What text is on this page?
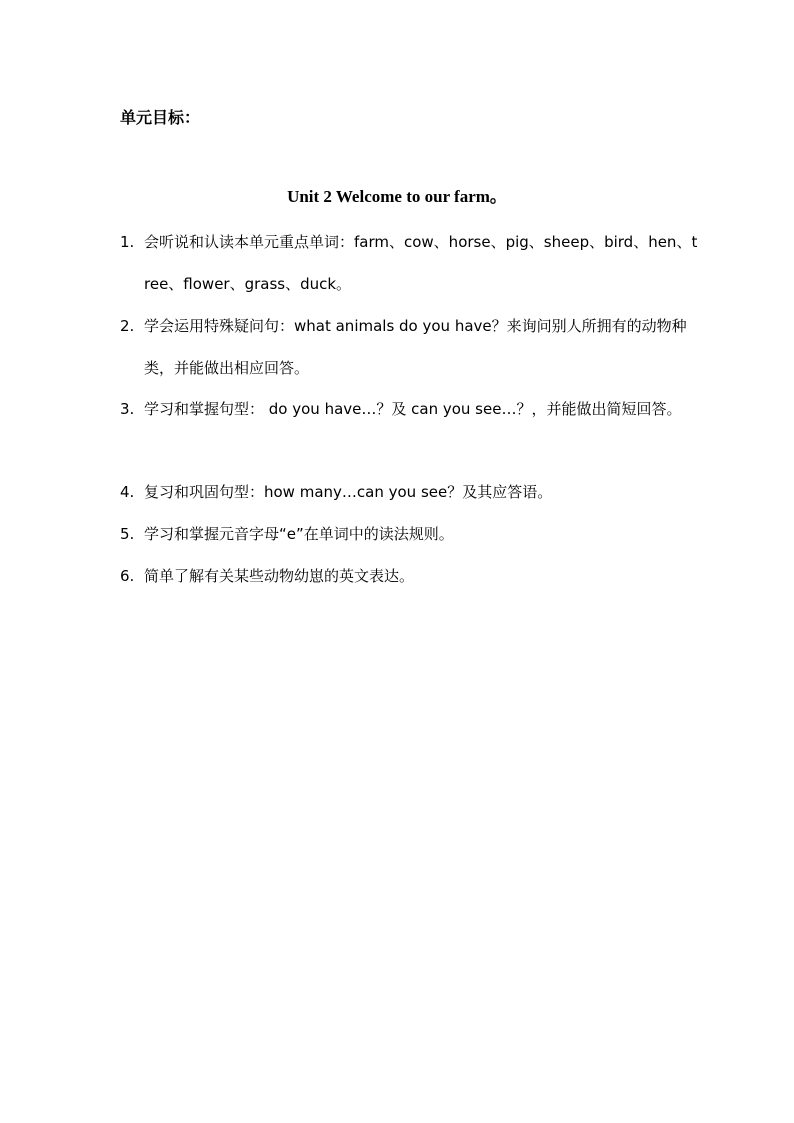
单元目标：
Unit 2 Welcome to our farm。
1. 会听说和认读本单元重点单词：farm、cow、horse、pig、sheep、bird、hen、tree、flower、grass、duck。
2. 学会运用特殊疑问句：what animals do you have？来询问别人所拥有的动物种类，并能做出相应回答。
3. 学习和掌握句型： do you have…？及 can you see…？，并能做出简短回答。
4. 复习和巩固句型：how many…can you see？及其应答语。
5. 学习和掌握元音字母“e”在单词中的读法规则。
6. 简单了解有关某些动物幼崽的英文表达。
